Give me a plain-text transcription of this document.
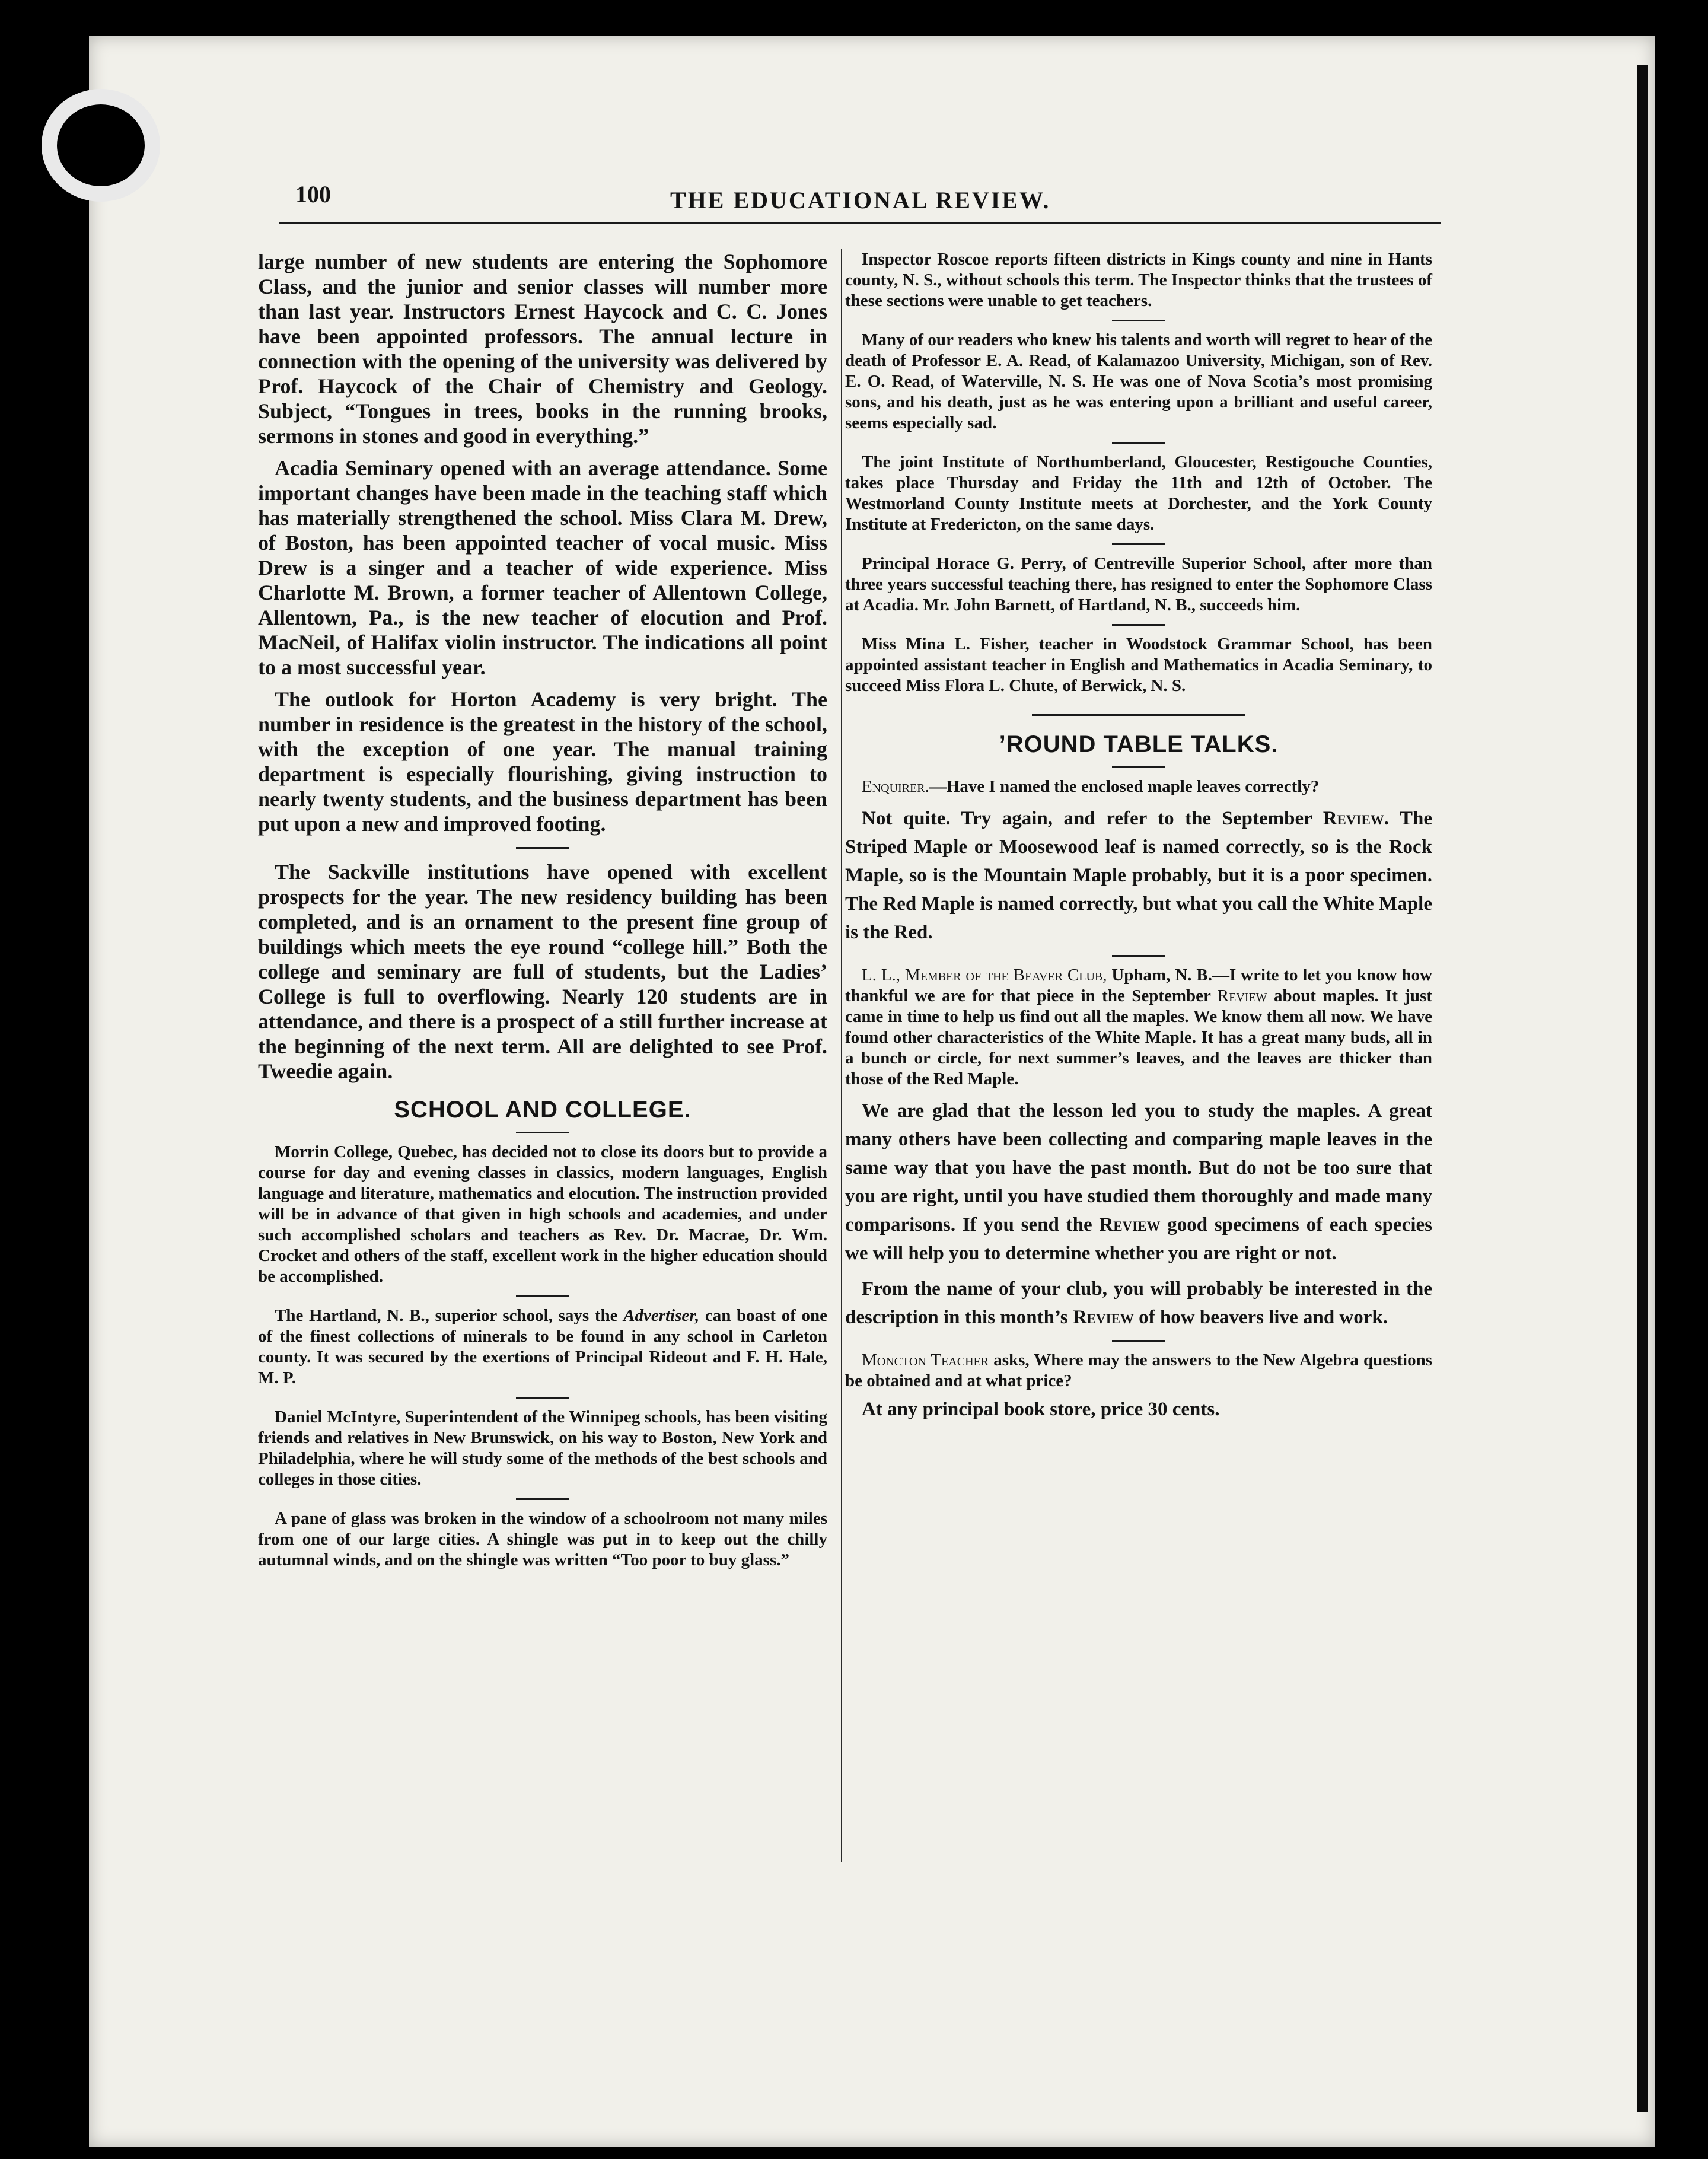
100	THE EDUCATIONAL REVIEW.

large number of new students are entering the Sophomore Class, and the junior and senior classes will number more than last year. Instructors Ernest Haycock and C. C. Jones have been appointed professors. The annual lecture in connection with the opening of the university was delivered by Prof. Haycock of the Chair of Chemistry and Geology. Subject, “Tongues in trees, books in the running brooks, sermons in stones and good in everything.”

Acadia Seminary opened with an average attendance. Some important changes have been made in the teaching staff which has materially strengthened the school. Miss Clara M. Drew, of Boston, has been appointed teacher of vocal music. Miss Drew is a singer and a teacher of wide experience. Miss Charlotte M. Brown, a former teacher of Allentown College, Allentown, Pa., is the new teacher of elocution and Prof. MacNeil, of Halifax violin instructor. The indications all point to a most successful year.

The outlook for Horton Academy is very bright. The number in residence is the greatest in the history of the school, with the exception of one year. The manual training department is especially flourishing, giving instruction to nearly twenty students, and the business department has been put upon a new and improved footing.

The Sackville institutions have opened with excellent prospects for the year. The new residency building has been completed, and is an ornament to the present fine group of buildings which meets the eye round “college hill.” Both the college and seminary are full of students, but the Ladies’ College is full to overflowing. Nearly 120 students are in attendance, and there is a prospect of a still further increase at the beginning of the next term. All are delighted to see Prof. Tweedie again.

SCHOOL AND COLLEGE.

Morrin College, Quebec, has decided not to close its doors but to provide a course for day and evening classes in classics, modern languages, English language and literature, mathematics and elocution. The instruction provided will be in advance of that given in high schools and academies, and under such accomplished scholars and teachers as Rev. Dr. Macrae, Dr. Wm. Crocket and others of the staff, excellent work in the higher education should be accomplished.

The Hartland, N. B., superior school, says the Advertiser, can boast of one of the finest collections of minerals to be found in any school in Carleton county. It was secured by the exertions of Principal Rideout and F. H. Hale, M. P.

Daniel McIntyre, Superintendent of the Winnipeg schools, has been visiting friends and relatives in New Brunswick, on his way to Boston, New York and Philadelphia, where he will study some of the methods of the best schools and colleges in those cities.

A pane of glass was broken in the window of a schoolroom not many miles from one of our large cities. A shingle was put in to keep out the chilly autumnal winds, and on the shingle was written “Too poor to buy glass.”

Inspector Roscoe reports fifteen districts in Kings county and nine in Hants county, N. S., without schools this term. The Inspector thinks that the trustees of these sections were unable to get teachers.

Many of our readers who knew his talents and worth will regret to hear of the death of Professor E. A. Read, of Kalamazoo University, Michigan, son of Rev. E. O. Read, of Waterville, N. S. He was one of Nova Scotia’s most promising sons, and his death, just as he was entering upon a brilliant and useful career, seems especially sad.

The joint Institute of Northumberland, Gloucester, Restigouche Counties, takes place Thursday and Friday the 11th and 12th of October. The Westmorland County Institute meets at Dorchester, and the York County Institute at Fredericton, on the same days.

Principal Horace G. Perry, of Centreville Superior School, after more than three years successful teaching there, has resigned to enter the Sophomore Class at Acadia. Mr. John Barnett, of Hartland, N. B., succeeds him.

Miss Mina L. Fisher, teacher in Woodstock Grammar School, has been appointed assistant teacher in English and Mathematics in Acadia Seminary, to succeed Miss Flora L. Chute, of Berwick, N. S.

’ROUND TABLE TALKS.

Enquirer.—Have I named the enclosed maple leaves correctly?

Not quite. Try again, and refer to the September Review. The Striped Maple or Moosewood leaf is named correctly, so is the Rock Maple, so is the Mountain Maple probably, but it is a poor specimen. The Red Maple is named correctly, but what you call the White Maple is the Red.

L. L., Member of the Beaver Club, Upham, N. B.—I write to let you know how thankful we are for that piece in the September Review about maples. It just came in time to help us find out all the maples. We know them all now. We have found other characteristics of the White Maple. It has a great many buds, all in a bunch or circle, for next summer’s leaves, and the leaves are thicker than those of the Red Maple.

We are glad that the lesson led you to study the maples. A great many others have been collecting and comparing maple leaves in the same way that you have the past month. But do not be too sure that you are right, until you have studied them thoroughly and made many comparisons. If you send the Review good specimens of each species we will help you to determine whether you are right or not.

From the name of your club, you will probably be interested in the description in this month’s Review of how beavers live and work.

Moncton Teacher asks, Where may the answers to the New Algebra questions be obtained and at what price?

At any principal book store, price 30 cents.
